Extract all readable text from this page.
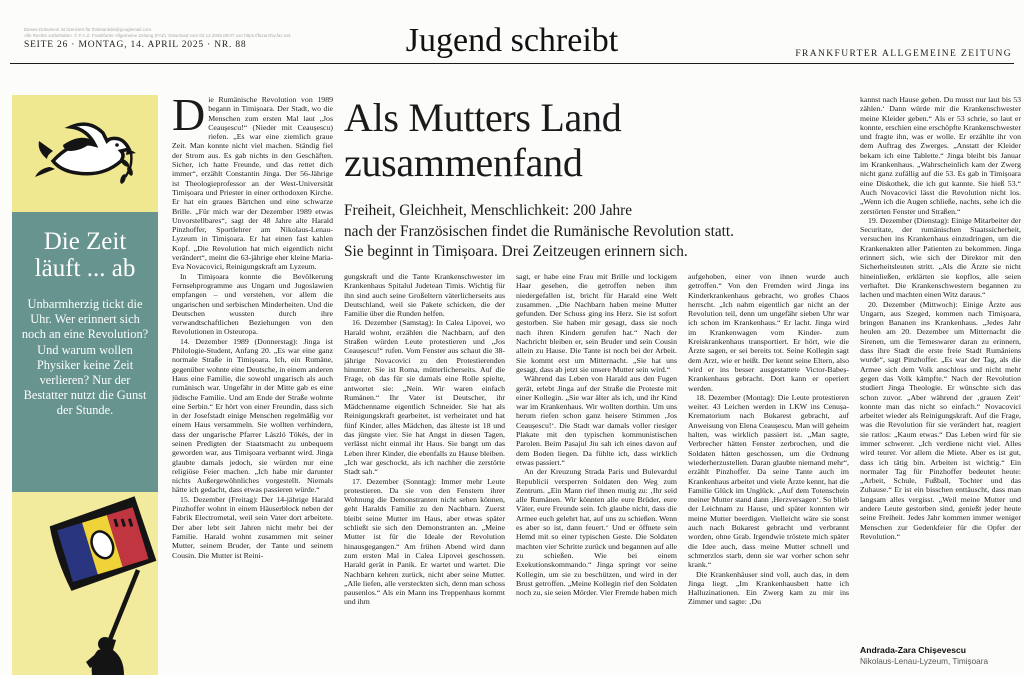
Dieses Dokument ist lizenziert für thinktankde@googlemail.com.
Alle Rechte vorbehalten. © F.A.Z. Frankfurter Allgemeine Zeitung (FAZ). Download vom 02.12.2025 09:07 von https://fazarchiv.faz.net.
SEITE 26 · MONTAG, 14. APRIL 2025 · NR. 88	Jugend schreibt	FRANKFURTER ALLGEMEINE ZEITUNG
Die Zeit läuft ... ab
Unbarmherzig tickt die Uhr. Wer erinnert sich noch an eine Revolution? Und warum wollen Physiker keine Zeit verlieren? Nur der Bestatter nutzt die Gunst der Stunde.
Als Mutters Land zusammenfand
Freiheit, Gleichheit, Menschlichkeit: 200 Jahre
nach der Französischen findet die Rumänische Revolution statt.
Sie beginnt in Timișoara. Drei Zeitzeugen erinnern sich.

Die Rumänische Revolution von 1989 begann in Timișoara. Der Stadt, wo die Menschen zum ersten Mal laut „Jos Ceaușescu!“ (Nieder mit Ceaușescu) riefen. „Es war eine ziemlich graue Zeit. Man konnte nicht viel machen. Ständig fiel der Strom aus. Es gab nichts in den Geschäften. Sicher, ich hatte Freunde, und das rettet dich immer“, erzählt Constantin Jinga. Der 56-Jährige ist Theologieprofessor an der West-Universität Timișoara und Priester in einer orthodoxen Kirche. Er hat ein graues Bärtchen und eine schwarze Brille. „Für mich war der Dezember 1989 etwas Unvorstellbares“, sagt der 48 Jahre alte Harald Pinzhoffer, Sportlehrer am Nikolaus-Lenau-Lyzeum in Timișoara. Er hat einen fast kahlen Kopf. „Die Revolution hat mich eigentlich nicht verändert“, meint die 63-jährige eher kleine Maria-Eva Novacovici, Reinigungskraft am Lyzeum.

In Timișoara konnte die Bevölkerung Fernsehprogramme aus Ungarn und Jugoslawien empfangen – und verstehen, vor allem die ungarischen und serbischen Minderheiten. Und die Deutschen wussten durch ihre verwandtschaftlichen Beziehungen von den Revolutionen in Osteuropa.

14. Dezember 1989 (Donnerstag): Jinga ist Philologie-Student, Anfang 20. „Es war eine ganz normale Straße in Timișoara. Ich, ein Rumäne, gegenüber wohnte eine Deutsche, in einem anderen Haus eine Familie, die sowohl ungarisch als auch rumänisch war. Ungefähr in der Mitte gab es eine jüdische Familie. Und am Ende der Straße wohnte eine Serbin.“ Er hört von einer Freundin, dass sich in der Josefstadt einige Menschen regelmäßig vor einem Haus versammeln. Sie wollten verhindern, dass der ungarische Pfarrer László Tökés, der in seinen Predigten der Staatsmacht zu unbequem geworden war, aus Timișoara verbannt wird. Jinga glaubte damals jedoch, sie würden nur eine religiöse Feier machen. „Ich habe mir darunter nichts Außergewöhnliches vorgestellt. Niemals hätte ich gedacht, dass etwas passieren würde.“

15. Dezember (Freitag): Der 14-jährige Harald Pinzhoffer wohnt in einem Häuserblock neben der Fabrik Electrometal, weil sein Vater dort arbeitete. Der aber lebt seit Jahren nicht mehr bei der Familie. Harald wohnt zusammen mit seiner Mutter, seinem Bruder, der Tante und seinem Cousin. Die Mutter ist Reini-

gungskraft und die Tante Krankenschwester im Krankenhaus Spitalul Judetean Timis. Wichtig für ihn sind auch seine Großeltern väterlicherseits aus Deutschland, weil sie Pakete schicken, die der Familie über die Runden helfen.

16. Dezember (Samstag): In Calea Lipovei, wo Harald wohnt, erzählen die Nachbarn, auf den Straßen würden Leute protestieren und „Jos Ceaușescu!“ rufen. Vom Fenster aus schaut die 38-jährige Novacovici zu den Protestierenden hinunter. Sie ist Roma, mütterlicherseits. Auf die Frage, ob das für sie damals eine Rolle spielte, antwortet sie: „Nein. Wir waren einfach Rumänen.“ Ihr Vater ist Deutscher, ihr Mädchenname eigentlich Schneider. Sie hat als Reinigungskraft gearbeitet, ist verheiratet und hat fünf Kinder, alles Mädchen, das älteste ist 18 und das jüngste vier. Sie hat Angst in diesen Tagen, verlässt nicht einmal ihr Haus. Sie bangt um das Leben ihrer Kinder, die ebenfalls zu Hause bleiben. „Ich war geschockt, als ich nachher die zerstörte Stadt sah.“

17. Dezember (Sonntag): Immer mehr Leute protestieren. Da sie von den Fenstern ihrer Wohnung die Demonstranten nicht sehen können, geht Haralds Familie zu den Nachbarn. Zuerst bleibt seine Mutter im Haus, aber etwas später schließt sie sich den Demonstranten an. „Meine Mutter ist für die Ideale der Revolution hinausgegangen.“ Am frühen Abend wird dann zum ersten Mal in Calea Lipovei geschossen. Harald gerät in Panik. Er wartet und wartet. Die Nachbarn kehren zurück, nicht aber seine Mutter. „Alle liefen, alle versteckten sich, denn man schoss pausenlos.“ Als ein Mann ins Treppenhaus kommt und ihm

sagt, er habe eine Frau mit Brille und lockigem Haar gesehen, die getroffen neben ihm niedergefallen ist, bricht für Harald eine Welt zusammen. „Die Nachbarn haben meine Mutter gefunden. Der Schuss ging ins Herz. Sie ist sofort gestorben. Sie haben mir gesagt, dass sie noch nach ihren Kindern gerufen hat.“ Nach der Nachricht bleiben er, sein Bruder und sein Cousin allein zu Hause. Die Tante ist noch bei der Arbeit. Sie kommt erst um Mitternacht. „Sie hat uns gesagt, dass ab jetzt sie unsere Mutter sein wird.“

Während das Leben von Harald aus den Fugen gerät, erlebt Jinga auf der Straße die Proteste mit einer Kollegin. „Sie war älter als ich, und ihr Kind war im Krankenhaus. Wir wollten dorthin. Um uns herum riefen schon ganz heisere Stimmen ‚Jos Ceaușescu!‘. Die Stadt war damals voller riesiger Plakate mit den typischen kommunistischen Parolen. Beim Pasajul Jiu sah ich eines davon auf dem Boden liegen. Da fühlte ich, dass wirklich etwas passiert.“

An der Kreuzung Strada Paris und Bulevardul Republicii versperren Soldaten den Weg zum Zentrum. „Ein Mann rief ihnen mutig zu: ‚Ihr seid alle Rumänen. Wir könnten alle eure Brüder, eure Väter, eure Freunde sein. Ich glaube nicht, dass die Armee euch gelehrt hat, auf uns zu schießen. Wenn es aber so ist, dann feuert.‘ Und er öffnete sein Hemd mit so einer typischen Geste. Die Soldaten machten vier Schritte zurück und begannen auf alle zu schießen. Wie bei einem Exekutionskommando.“ Jinga springt vor seine Kollegin, um sie zu beschützen, und wird in der Brust getroffen. „Meine Kollegin rief den Soldaten noch zu, sie seien Mörder. Vier Fremde haben mich

aufgehoben, einer von ihnen wurde auch getroffen.“ Von den Fremden wird Jinga ins Kinderkrankenhaus gebracht, wo großes Chaos herrscht. „Ich nahm eigentlich gar nicht an der Revolution teil, denn um ungefähr sieben Uhr war ich schon im Krankenhaus.“ Er lacht. Jinga wird im Krankenwagen vom Kinder- zum Kreiskrankenhaus transportiert. Er hört, wie die Ärzte sagen, er sei bereits tot. Seine Kollegin sagt dem Arzt, wie er heißt. Der kennt seine Eltern, also wird er ins besser ausgestattete Victor-Babeș-Krankenhaus gebracht. Dort kann er operiert werden.

18. Dezember (Montag): Die Leute protestieren weiter. 43 Leichen werden in LKW ins Cenușa-Krematorium nach Bukarest gebracht, auf Anweisung von Elena Ceaușescu. Man will geheim halten, was wirklich passiert ist. „Man sagte, Verbrecher hätten Fenster zerbrochen, und die Soldaten hätten geschossen, um die Ordnung wiederherzustellen. Daran glaubte niemand mehr“, erzählt Pinzhoffer. Da seine Tante auch im Krankenhaus arbeitet und viele Ärzte kennt, hat die Familie Glück im Unglück. „Auf dem Totenschein meiner Mutter stand dann ‚Herzversagen‘. So blieb der Leichnam zu Hause, und später konnten wir meine Mutter beerdigen. Vielleicht wäre sie sonst auch nach Bukarest gebracht und verbrannt worden, ohne Grab. Irgendwie tröstete mich später die Idee auch, dass meine Mutter schnell und schmerzlos starb, denn sie war vorher schon sehr krank.“

Die Krankenhäuser sind voll, auch das, in dem Jinga liegt. „Im Krankenhausbett hatte ich Halluzinationen. Ein Zwerg kam zu mir ins Zimmer und sagte: ‚Du

kannst nach Hause gehen. Du musst nur laut bis 53 zählen.‘ Dann würde mir die Krankenschwester meine Kleider geben.“ Als er 53 schrie, so laut er konnte, erschien eine erschöpfte Krankenschwester und fragte ihn, was er wolle. Er erzählte ihr von dem Auftrag des Zwerges. „Anstatt der Kleider bekam ich eine Tablette.“ Jinga bleibt bis Januar im Krankenhaus. „Wahrscheinlich kam der Zwerg nicht ganz zufällig auf die 53. Es gab in Timișoara eine Diskothek, die ich gut kannte. Sie hieß 53.“ Auch Novacovici lässt die Revolution nicht los. „Wenn ich die Augen schließe, nachts, sehe ich die zerstörten Fenster und Straßen.“

19. Dezember (Dienstag): Einige Mitarbeiter der Securitate, der rumänischen Staatssicherheit, versuchen ins Krankenhaus einzudringen, um die Krankenakten aller Patienten zu bekommen. Jinga erinnert sich, wie sich der Direktor mit den Sicherheitsleuten stritt. „Als die Ärzte sie nicht hineinließen, erklärten sie kopflos, alle seien verhaftet. Die Krankenschwestern begannen zu lachen und machten einen Witz daraus.“

20. Dezember (Mittwoch): Einige Ärzte aus Ungarn, aus Szeged, kommen nach Timișoara, bringen Bananen ins Krankenhaus. „Jedes Jahr heulen am 20. Dezember um Mitternacht die Sirenen, um die Temeswarer daran zu erinnern, dass ihre Stadt die erste freie Stadt Rumäniens wurde“, sagt Pinzhoffer. „Es war der Tag, als die Armee sich dem Volk anschloss und nicht mehr gegen das Volk kämpfte.“ Nach der Revolution studiert Jinga Theologie. Er wünschte sich das schon zuvor. „Aber während der ‚grauen Zeit‘ konnte man das nicht so einfach.“ Novacovici arbeitet wieder als Reinigungskraft. Auf die Frage, was die Revolution für sie verändert hat, reagiert sie ratlos: „Kaum etwas.“ Das Leben wird für sie immer schwerer. „Ich verdiene nicht viel. Alles wird teurer. Vor allem die Miete. Aber es ist gut, dass ich tätig bin. Arbeiten ist wichtig.“ Ein normaler Tag für Pinzhoffer bedeutet heute: „Arbeit, Schule, Fußball, Tochter und das Zuhause.“ Er ist ein bisschen enttäuscht, dass man langsam alles vergisst. „Weil meine Mutter und andere Leute gestorben sind, genießt jeder heute seine Freiheit. Jedes Jahr kommen immer weniger Menschen zur Gedenkfeier für die Opfer der Revolution.“

Andrada-Zara Chișevescu
Nikolaus-Lenau-Lyzeum, Timișoara
